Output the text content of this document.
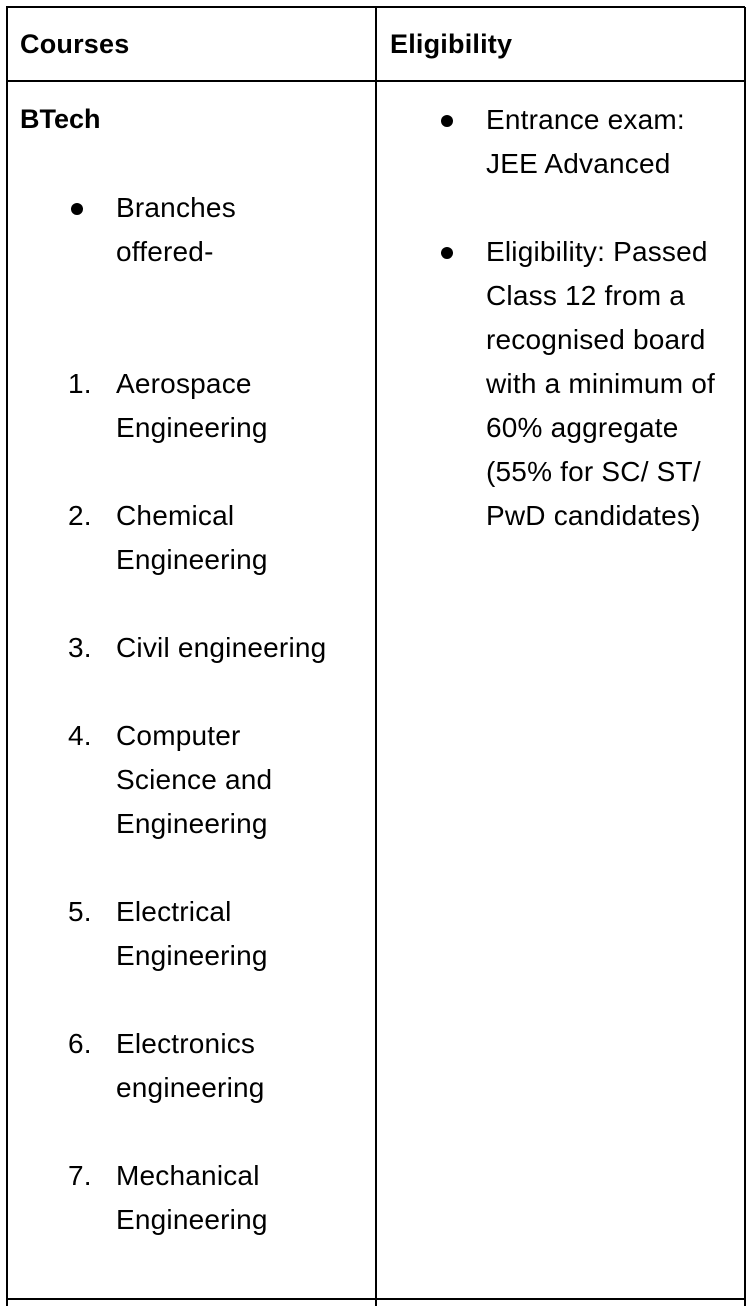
Courses	Eligibility
BTech
Branches offered-
1. Aerospace Engineering
2. Chemical Engineering
3. Civil engineering
4. Computer Science and Engineering
5. Electrical Engineering
6. Electronics engineering
7. Mechanical Engineering
Entrance exam: JEE Advanced
Eligibility: Passed Class 12 from a recognised board with a minimum of 60% aggregate (55% for SC/ ST/ PwD candidates)
